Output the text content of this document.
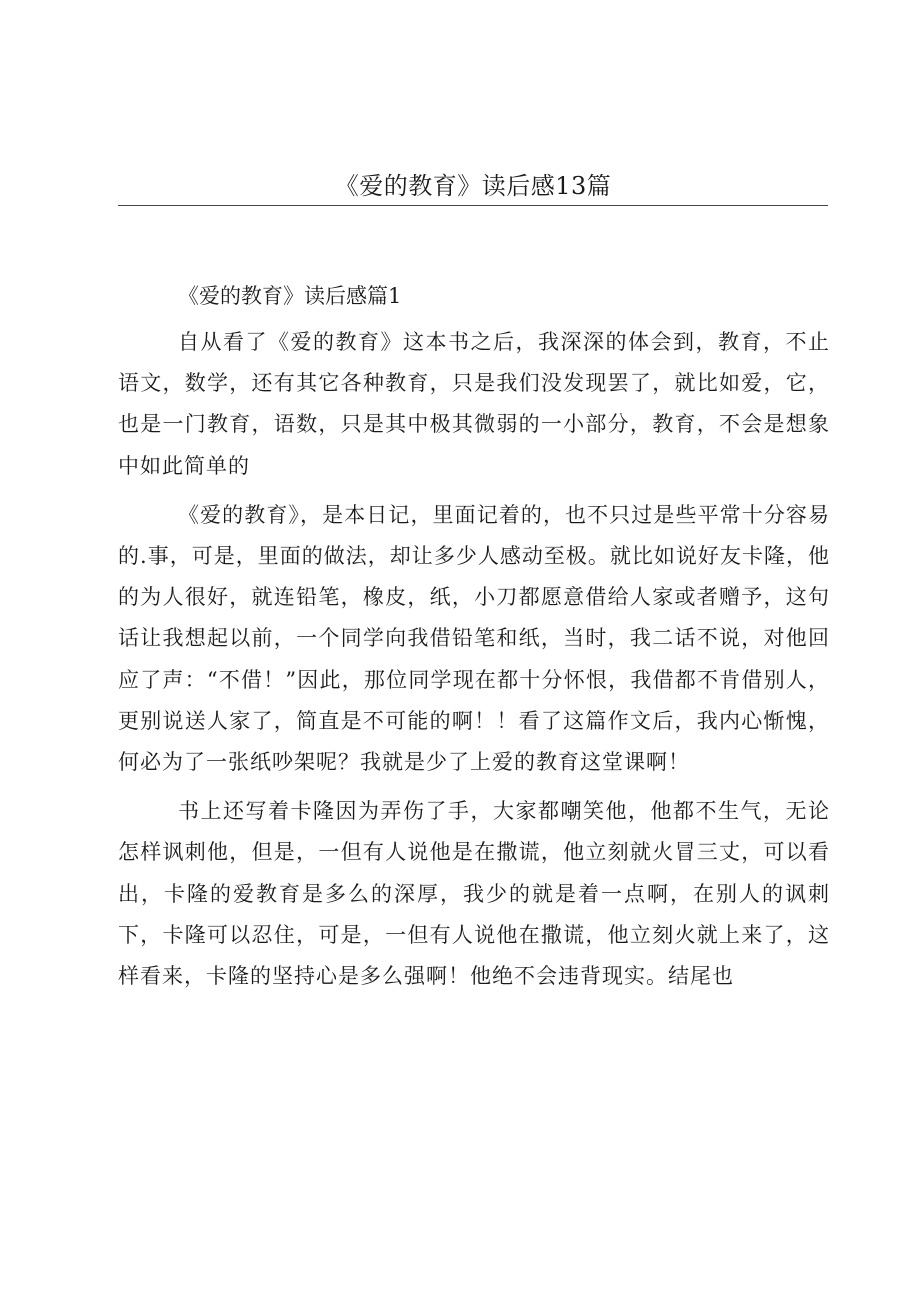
《爱的教育》读后感13篇
《爱的教育》读后感篇1

自从看了《爱的教育》这本书之后，我深深的体会到，教育，不止语文，数学，还有其它各种教育，只是我们没发现罢了，就比如爱，它，也是一门教育，语数，只是其中极其微弱的一小部分，教育，不会是想象中如此简单的

《爱的教育》，是本日记，里面记着的，也不只过是些平常十分容易的.事，可是，里面的做法，却让多少人感动至极。就比如说好友卡隆，他的为人很好，就连铅笔，橡皮，纸，小刀都愿意借给人家或者赠予，这句话让我想起以前，一个同学向我借铅笔和纸，当时，我二话不说，对他回应了声：“不借！”因此，那位同学现在都十分怀恨，我借都不肯借别人，更别说送人家了，简直是不可能的啊！！看了这篇作文后，我内心惭愧，何必为了一张纸吵架呢？我就是少了上爱的教育这堂课啊！

书上还写着卡隆因为弄伤了手，大家都嘲笑他，他都不生气，无论怎样讽刺他，但是，一但有人说他是在撒谎，他立刻就火冒三丈，可以看出，卡隆的爱教育是多么的深厚，我少的就是着一点啊，在别人的讽刺下，卡隆可以忍住，可是，一但有人说他在撒谎，他立刻火就上来了，这样看来，卡隆的坚持心是多么强啊！他绝不会违背现实。结尾也
